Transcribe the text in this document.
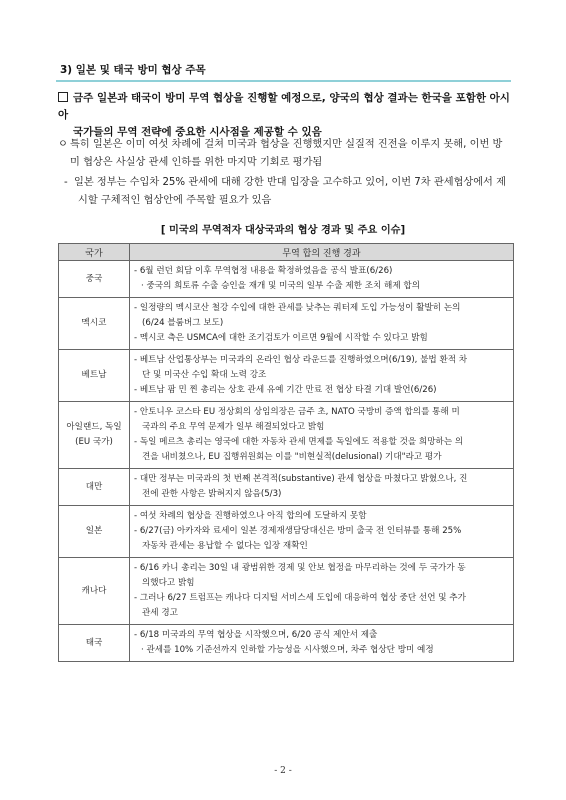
3) 일본 및 태국 방미 협상 주목
금주 일본과 태국이 방미 무역 협상을 진행할 예정으로, 양국의 협상 결과는 한국을 포함한 아시아
국가들의 무역 전략에 중요한 시사점을 제공할 수 있음
ㅇ 특히 일본은 이미 여섯 차례에 걸쳐 미국과 협상을 진행했지만 실질적 진전을 이루지 못해, 이번 방
미 협상은 사실상 관세 인하를 위한 마지막 기회로 평가됨
- 일본 정부는 수입차 25% 관세에 대해 강한 반대 입장을 고수하고 있어, 이번 7차 관세협상에서 제
시할 구체적인 협상안에 주목할 필요가 있음
[ 미국의 무역적자 대상국과의 협상 경과 및 주요 이슈]
국가	무역 합의 진행 경과

중국	- 6월 런던 회담 이후 무역협정 내용을 확정하였음을 공식 발표(6/26)
· 중국의 희토류 수출 승인을 재개 및 미국의 일부 수출 제한 조치 해제 합의

멕시코	- 일정량의 멕시코산 철강 수입에 대한 관세를 낮추는 쿼터제 도입 가능성이 활발히 논의
(6/24 블룸버그 보도)
- 멕시코 측은 USMCA에 대한 조기검토가 이르면 9월에 시작할 수 있다고 밝힘

베트남	- 베트남 산업통상부는 미국과의 온라인 협상 라운드를 진행하였으며(6/19), 불법 환적 차
단 및 미국산 수입 확대 노력 강조
- 베트남 팜 민 찐 총리는 상호 관세 유예 기간 만료 전 협상 타결 기대 발언(6/26)

아일랜드, 독일
(EU 국가)	- 안토니우 코스타 EU 정상회의 상임의장은 금주 초, NATO 국방비 증액 합의를 통해 미
국과의 주요 무역 문제가 일부 해결되었다고 밝힘
- 독일 메르츠 총리는 영국에 대한 자동차 관세 면제를 독일에도 적용할 것을 희망하는 의
견을 내비쳤으나, EU 집행위원회는 이를 "비현실적(delusional) 기대"라고 평가

대만	- 대만 정부는 미국과의 첫 번째 본격적(substantive) 관세 협상을 마쳤다고 밝혔으나, 진
전에 관한 사항은 밝혀지지 않음(5/3)

일본	- 여섯 차례의 협상을 진행하였으나 아직 합의에 도달하지 못함
- 6/27(금) 아카자와 료세이 일본 경제재생담당대신은 방미 출국 전 인터뷰를 통해 25%
자동차 관세는 용납할 수 없다는 입장 재확인

캐나다	- 6/16 카니 총리는 30일 내 광범위한 경제 및 안보 협정을 마무리하는 것에 두 국가가 동
의했다고 밝힘
- 그러나 6/27 트럼프는 캐나다 디지털 서비스세 도입에 대응하여 협상 중단 선언 및 추가
관세 경고

태국	- 6/18 미국과의 무역 협상을 시작했으며, 6/20 공식 제안서 제출
· 관세를 10% 기준선까지 인하할 가능성을 시사했으며, 차주 협상단 방미 예정
- 2 -
